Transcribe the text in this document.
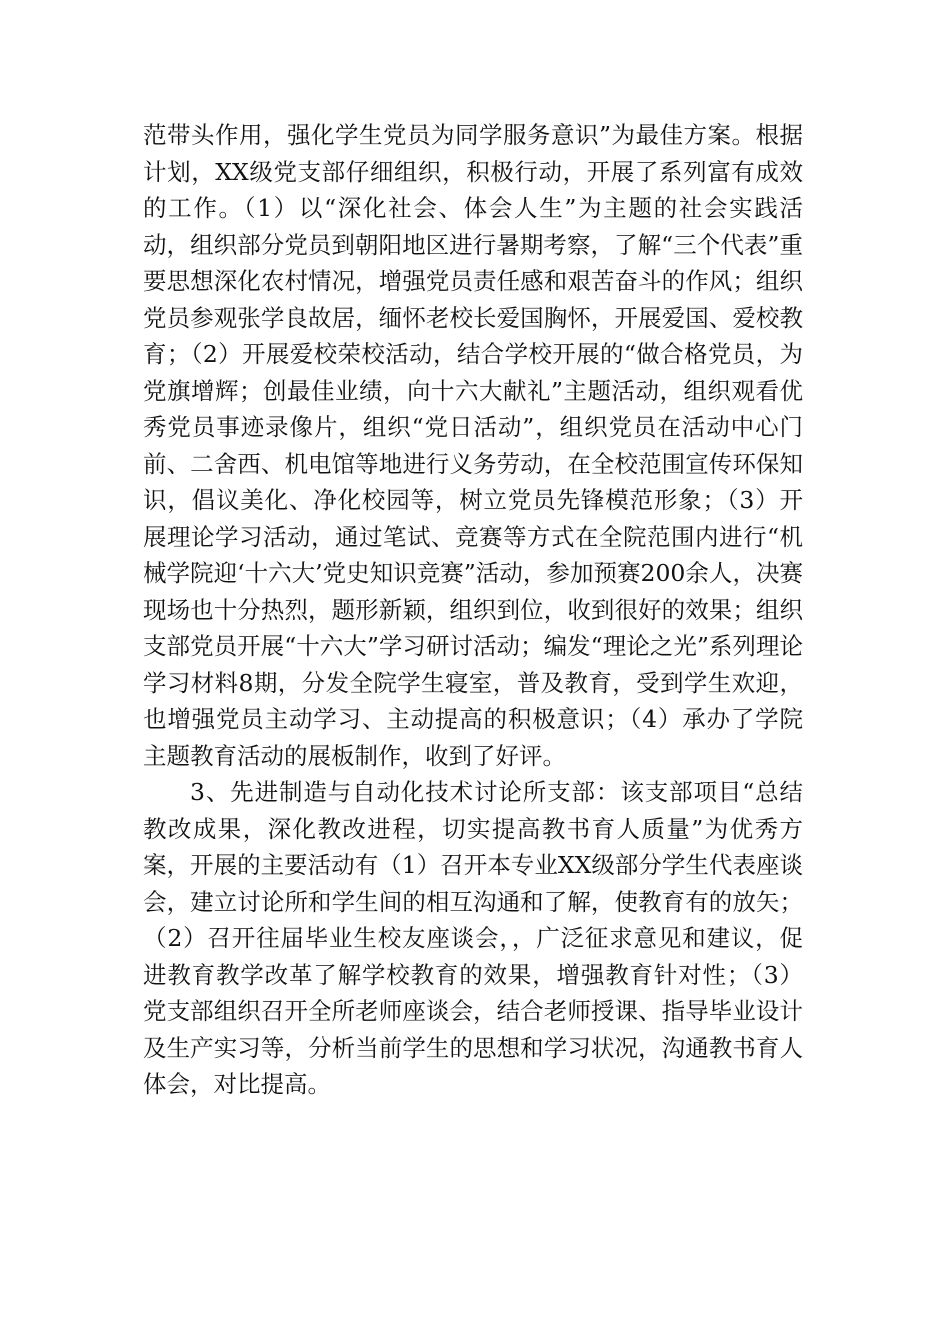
范带头作用，强化学生党员为同学服务意识”为最佳方案。根据计划，XX级党支部仔细组织，积极行动，开展了系列富有成效的工作。（1）以“深化社会、体会人生”为主题的社会实践活动，组织部分党员到朝阳地区进行暑期考察，了解“三个代表”重要思想深化农村情况，增强党员责任感和艰苦奋斗的作风；组织党员参观张学良故居，缅怀老校长爱国胸怀，开展爱国、爱校教育；（2）开展爱校荣校活动，结合学校开展的“做合格党员，为党旗增辉；创最佳业绩，向十六大献礼”主题活动，组织观看优秀党员事迹录像片，组织“党日活动”，组织党员在活动中心门前、二舍西、机电馆等地进行义务劳动，在全校范围宣传环保知识，倡议美化、净化校园等，树立党员先锋模范形象；（3）开展理论学习活动，通过笔试、竞赛等方式在全院范围内进行“机械学院迎‘十六大’党史知识竞赛”活动，参加预赛200余人，决赛现场也十分热烈，题形新颖，组织到位，收到很好的效果；组织支部党员开展“十六大”学习研讨活动；编发“理论之光”系列理论学习材料8期，分发全院学生寝室，普及教育，受到学生欢迎，也增强党员主动学习、主动提高的积极意识；（4）承办了学院主题教育活动的展板制作，收到了好评。

3、先进制造与自动化技术讨论所支部：该支部项目“总结教改成果，深化教改进程，切实提高教书育人质量”为优秀方案，开展的主要活动有（1）召开本专业XX级部分学生代表座谈会，建立讨论所和学生间的相互沟通和了解，使教育有的放矢；（2）召开往届毕业生校友座谈会，，广泛征求意见和建议，促进教育教学改革了解学校教育的效果，增强教育针对性；（3）党支部组织召开全所老师座谈会，结合老师授课、指导毕业设计及生产实习等，分析当前学生的思想和学习状况，沟通教书育人体会，对比提高。
